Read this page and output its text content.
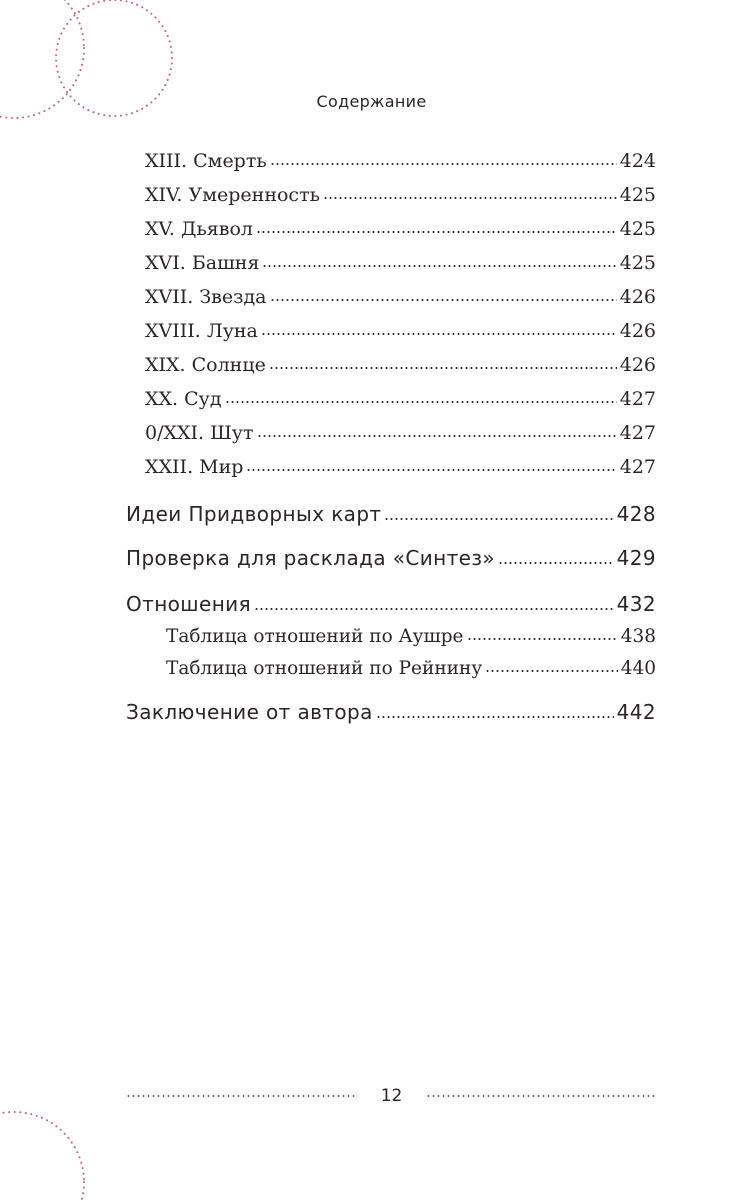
Содержание
XIII. Смерть	424
XIV. Умеренность	425
XV. Дьявол	425
XVI. Башня	425
XVII. Звезда	426
XVIII. Луна	426
XIX. Солнце	426
XX. Суд	427
0/XXI. Шут	427
XXII. Мир	427
Идеи Придворных карт	428
Проверка для расклада «Синтез»	429
Отношения	432
Таблица отношений по Аушре	438
Таблица отношений по Рейнину	440
Заключение от автора	442
12
